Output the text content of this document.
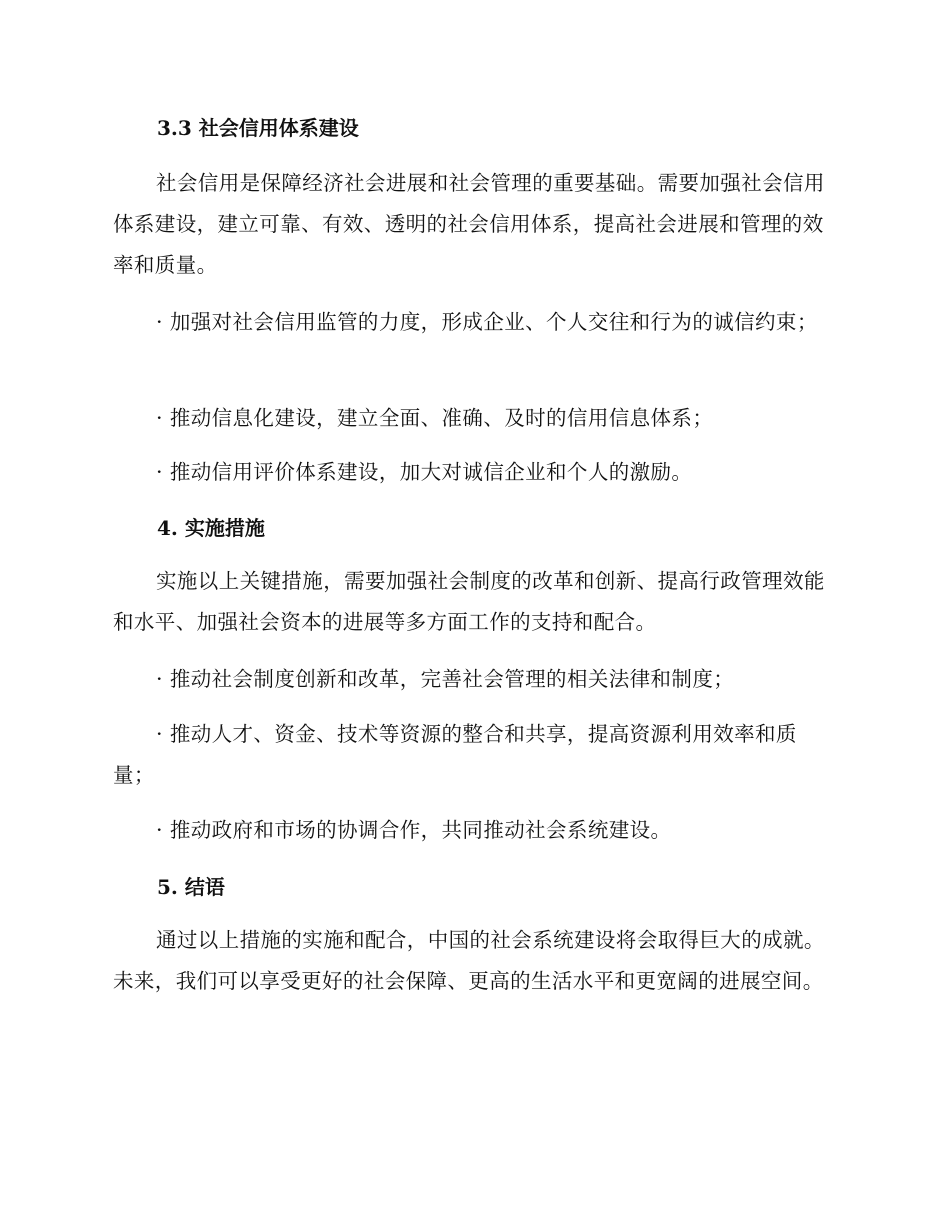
3.3 社会信用体系建设

社会信用是保障经济社会进展和社会管理的重要基础。需要加强社会信用体系建设，建立可靠、有效、透明的社会信用体系，提高社会进展和管理的效率和质量。

· 加强对社会信用监管的力度，形成企业、个人交往和行为的诚信约束；

· 推动信息化建设，建立全面、准确、及时的信用信息体系；

· 推动信用评价体系建设，加大对诚信企业和个人的激励。

4. 实施措施

实施以上关键措施，需要加强社会制度的改革和创新、提高行政管理效能和水平、加强社会资本的进展等多方面工作的支持和配合。

· 推动社会制度创新和改革，完善社会管理的相关法律和制度；

· 推动人才、资金、技术等资源的整合和共享，提高资源利用效率和质量；

· 推动政府和市场的协调合作，共同推动社会系统建设。

5. 结语

通过以上措施的实施和配合，中国的社会系统建设将会取得巨大的成就。未来，我们可以享受更好的社会保障、更高的生活水平和更宽阔的进展空间。
